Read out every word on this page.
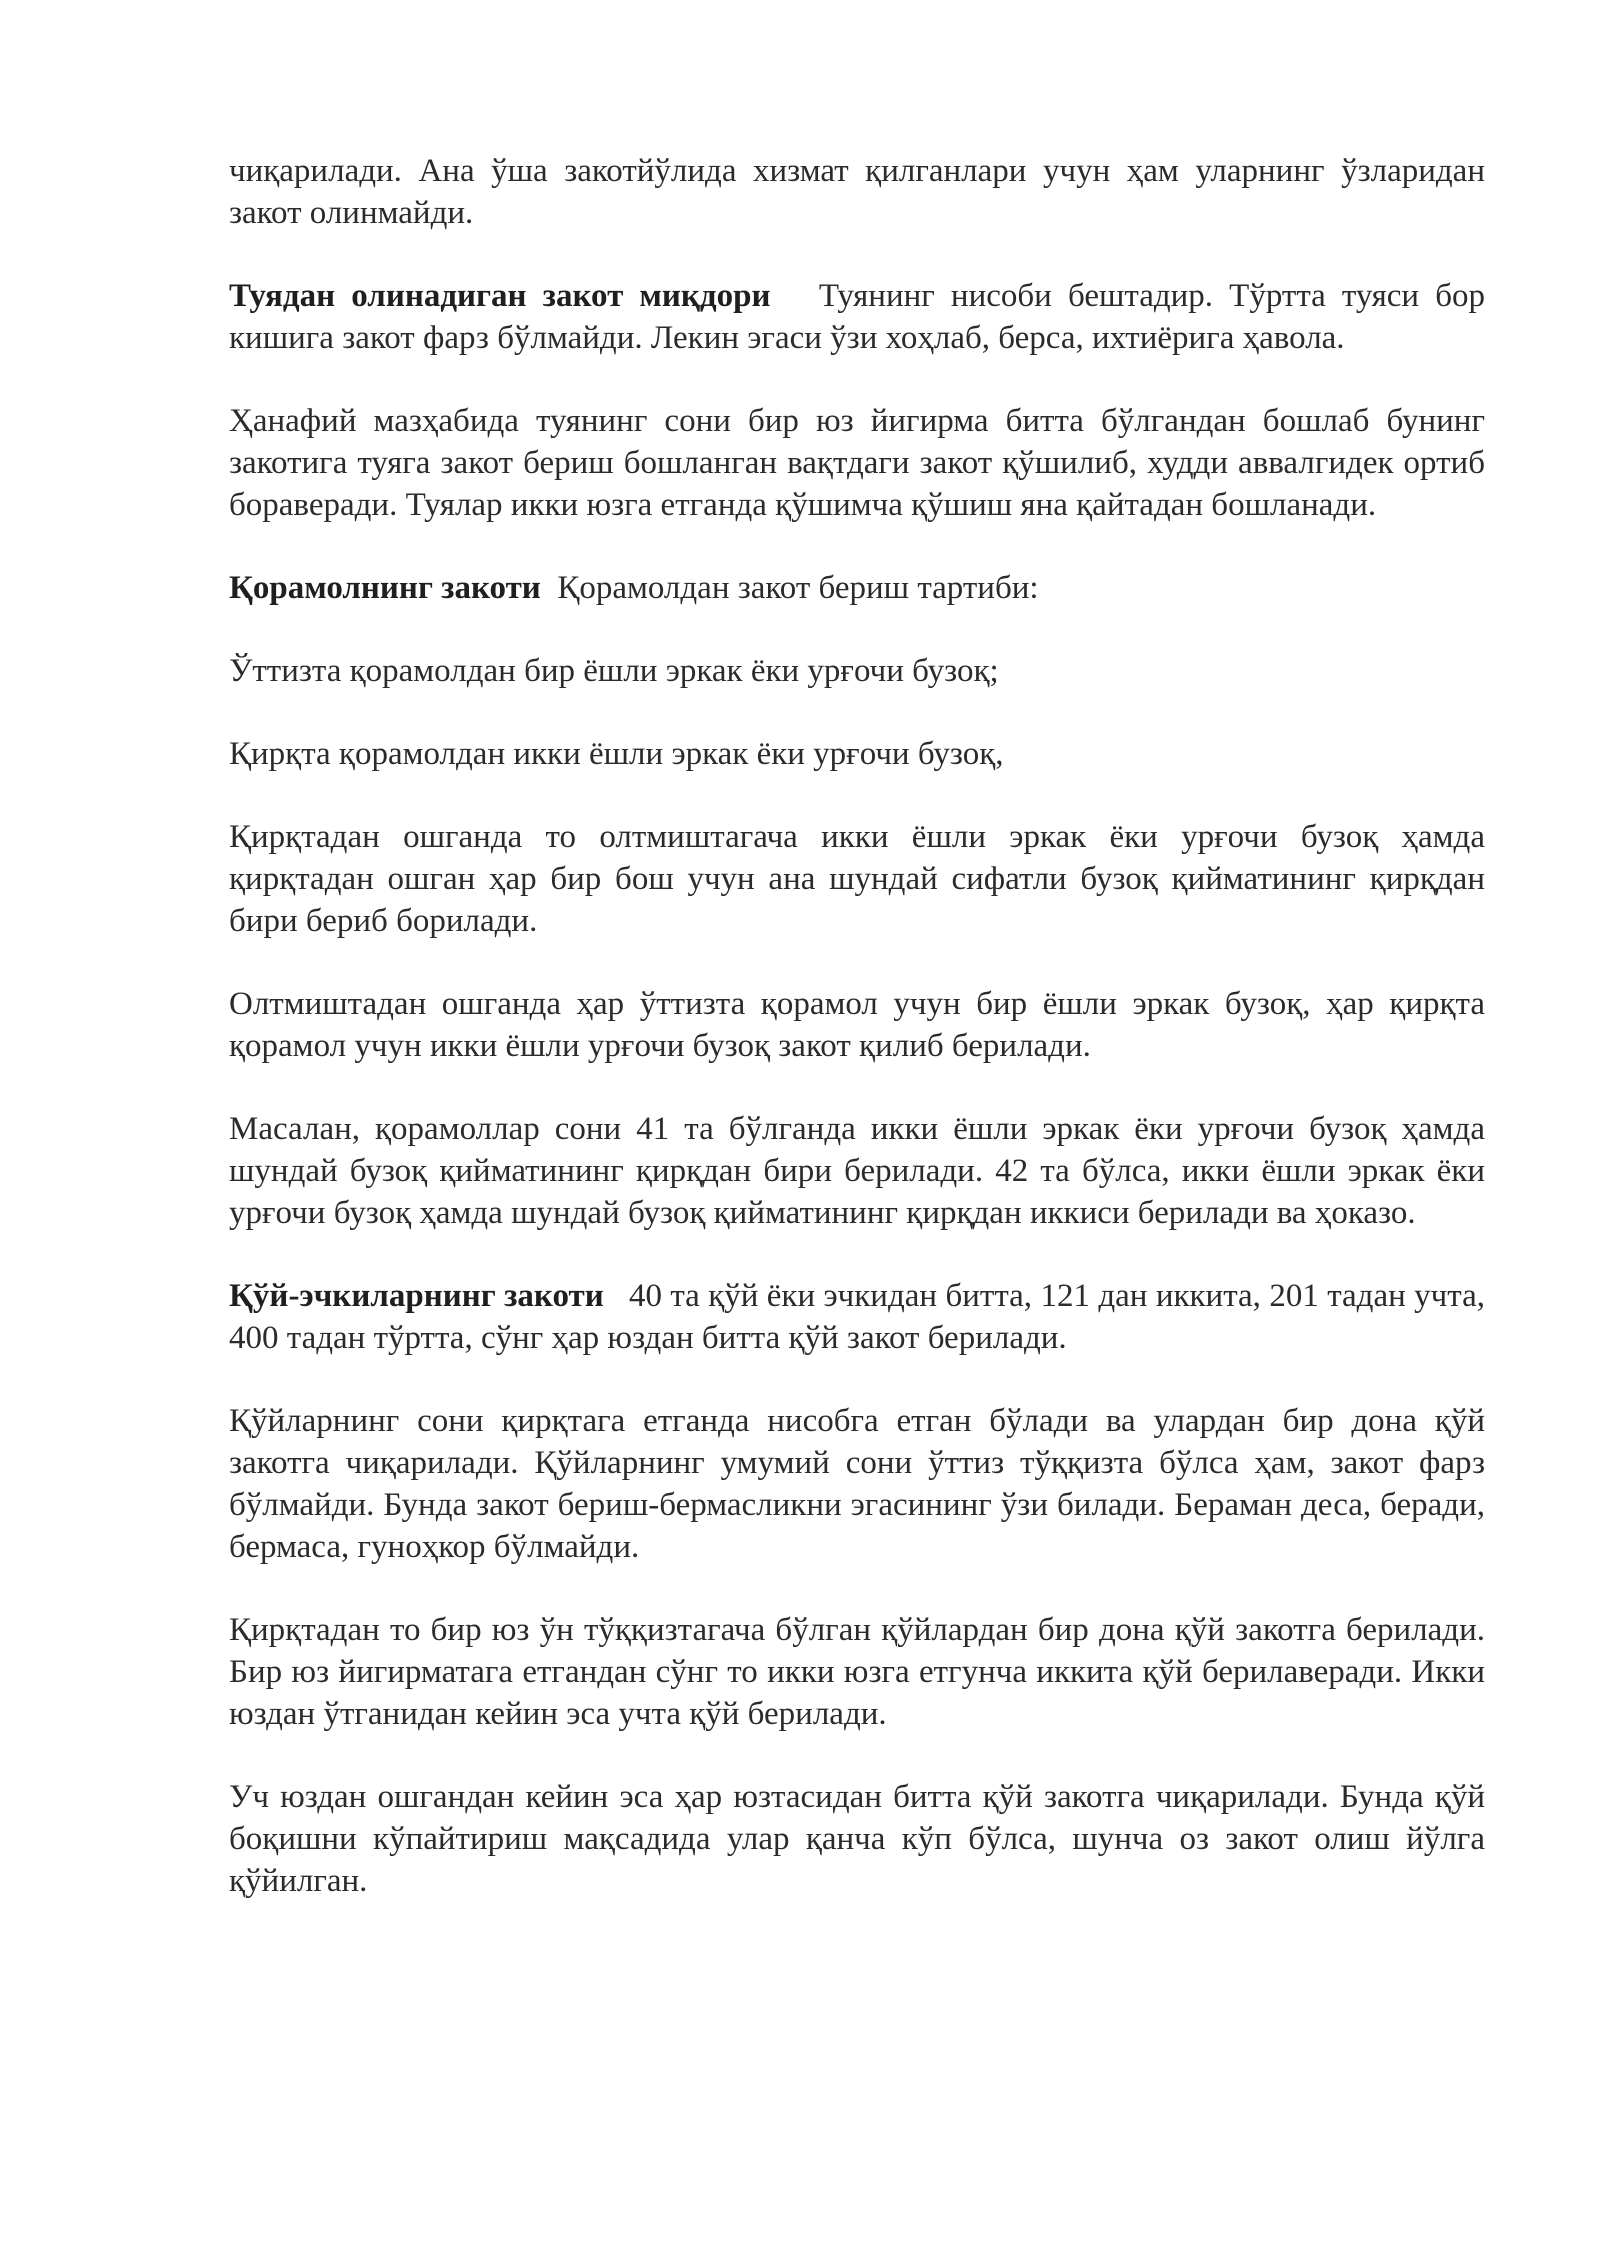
чиқарилади. Ана ўша закотйўлида хизмат қилганлари учун ҳам уларнинг ўзларидан закот олинмайди.

Туядан олинадиган закот миқдори Туянинг нисоби бештадир. Тўртта туяси бор кишига закот фарз бўлмайди. Лекин эгаси ўзи хоҳлаб, берса, ихтиёрига ҳавола.

Ҳанафий мазҳабида туянинг сони бир юз йигирма битта бўлгандан бошлаб бунинг закотига туяга закот бериш бошланган вақтдаги закот қўшилиб, худди аввалгидек ортиб бораверади. Туялар икки юзга етганда қўшимча қўшиш яна қайтадан бошланади.

Қорамолнинг закоти Қорамолдан закот бериш тартиби:

Ўттизта қорамолдан бир ёшли эркак ёки урғочи бузоқ;

Қирқта қорамолдан икки ёшли эркак ёки урғочи бузоқ,

Қирқтадан ошганда то олтмиштагача икки ёшли эркак ёки урғочи бузоқ ҳамда қирқтадан ошган ҳар бир бош учун ана шундай сифатли бузоқ қийматининг қирқдан бири бериб борилади.

Олтмиштадан ошганда ҳар ўттизта қорамол учун бир ёшли эркак бузоқ, ҳар қирқта қорамол учун икки ёшли урғочи бузоқ закот қилиб берилади.

Масалан, қорамоллар сони 41 та бўлганда икки ёшли эркак ёки урғочи бузоқ ҳамда шундай бузоқ қийматининг қирқдан бири берилади. 42 та бўлса, икки ёшли эркак ёки урғочи бузоқ ҳамда шундай бузоқ қийматининг қирқдан иккиси берилади ва ҳоказо.

Қўй-эчкиларнинг закоти 40 та қўй ёки эчкидан битта, 121 дан иккита, 201 тадан учта, 400 тадан тўртта, сўнг ҳар юздан битта қўй закот берилади.

Қўйларнинг сони қирқтага етганда нисобга етган бўлади ва улардан бир дона қўй закотга чиқарилади. Қўйларнинг умумий сони ўттиз тўққизта бўлса ҳам, закот фарз бўлмайди. Бунда закот бериш-бермасликни эгасининг ўзи билади. Бераман деса, беради, бермаса, гуноҳкор бўлмайди.

Қирқтадан то бир юз ўн тўққизтагача бўлган қўйлардан бир дона қўй закотга берилади. Бир юз йигирматага етгандан сўнг то икки юзга етгунча иккита қўй берилаверади. Икки юздан ўтганидан кейин эса учта қўй берилади.

Уч юздан ошгандан кейин эса ҳар юзтасидан битта қўй закотга чиқарилади. Бунда қўй боқишни кўпайтириш мақсадида улар қанча кўп бўлса, шунча оз закот олиш йўлга қўйилган.
